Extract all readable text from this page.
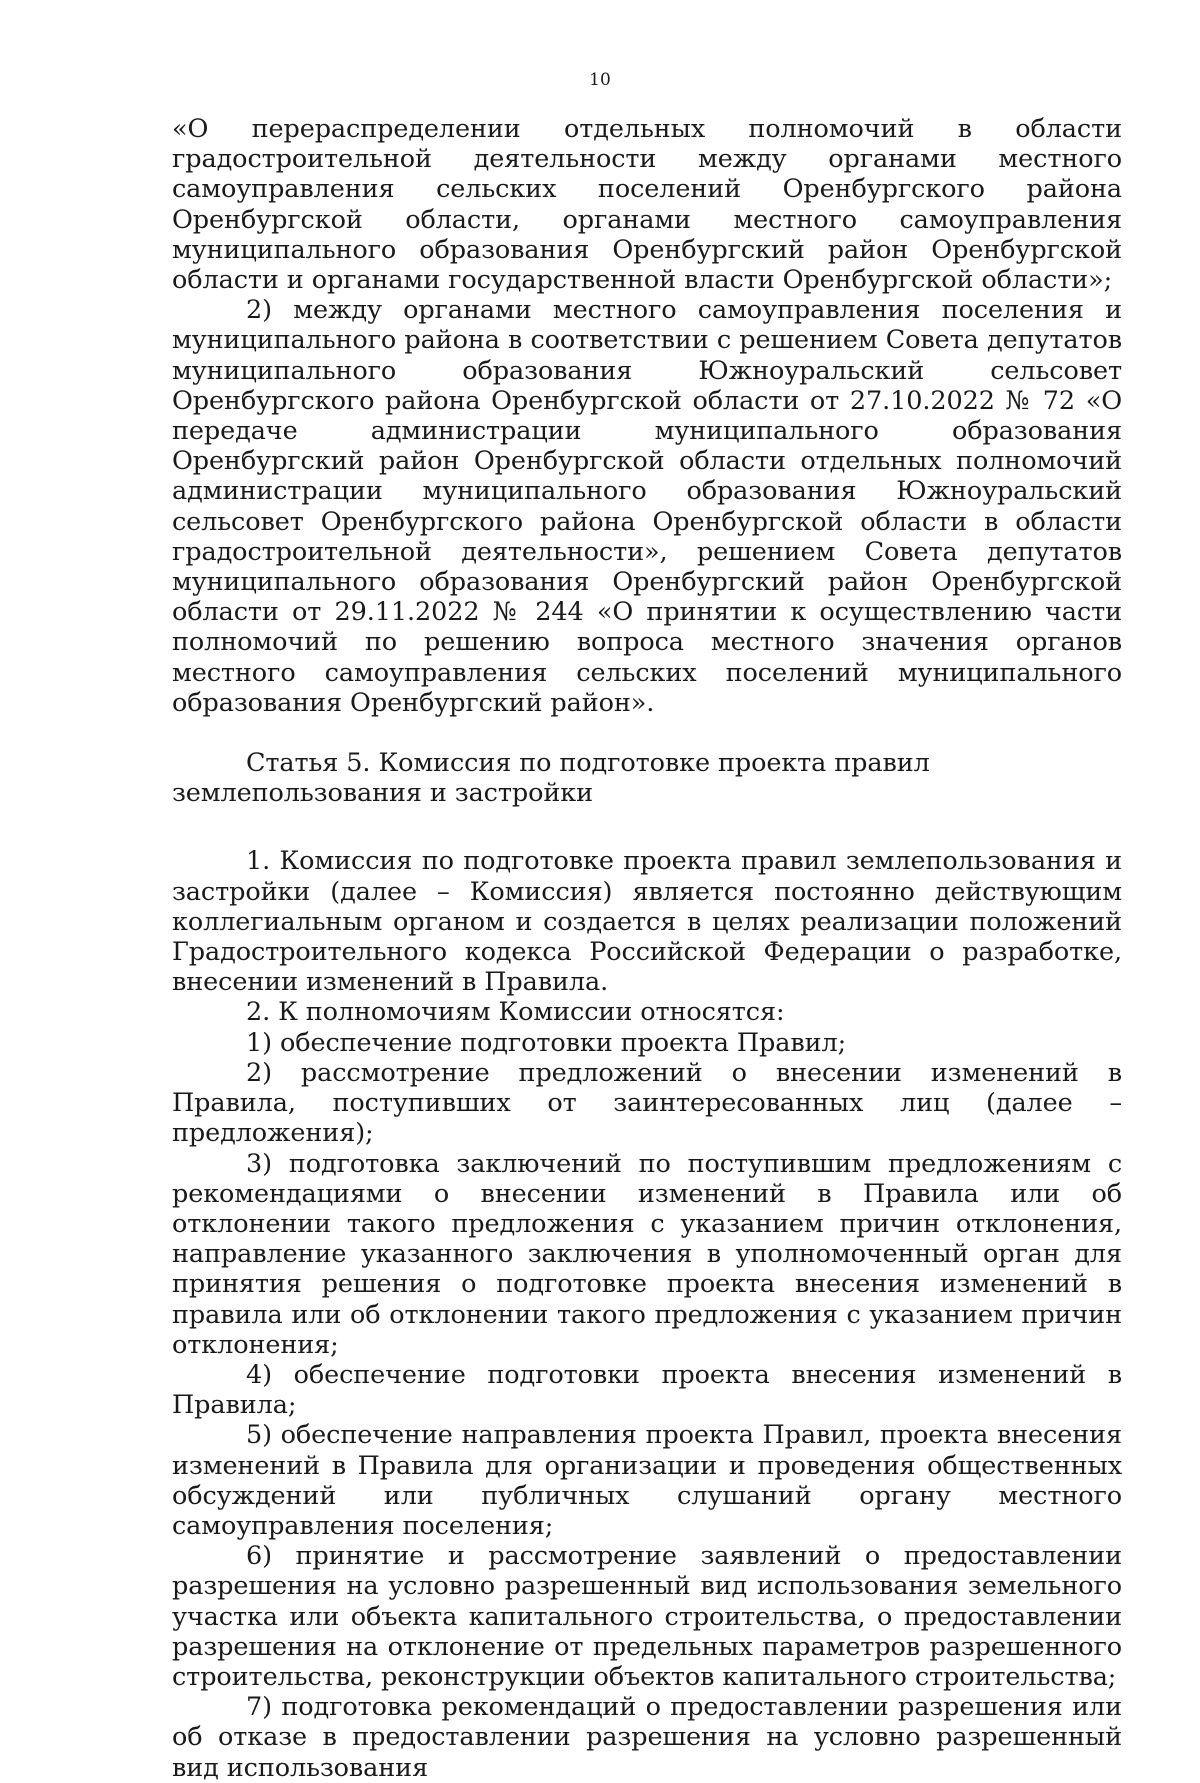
10

«О перераспределении отдельных полномочий в области градостроительной деятельности между органами местного самоуправления сельских поселений Оренбургского района Оренбургской области, органами местного самоуправления муниципального образования Оренбургский район Оренбургской области и органами государственной власти Оренбургской области»;

2) между органами местного самоуправления поселения и муниципального района в соответствии с решением Совета депутатов муниципального образования Южноуральский сельсовет Оренбургского района Оренбургской области от 27.10.2022 № 72 «О передаче администрации муниципального образования Оренбургский район Оренбургской области отдельных полномочий администрации муниципального образования Южноуральский сельсовет Оренбургского района Оренбургской области в области градостроительной деятельности», решением Совета депутатов муниципального образования Оренбургский район Оренбургской области от 29.11.2022 № 244 «О принятии к осуществлению части полномочий по решению вопроса местного значения органов местного самоуправления сельских поселений муниципального образования Оренбургский район».

Статья 5. Комиссия по подготовке проекта правил землепользования и застройки

1. Комиссия по подготовке проекта правил землепользования и застройки (далее – Комиссия) является постоянно действующим коллегиальным органом и создается в целях реализации положений Градостроительного кодекса Российской Федерации о разработке, внесении изменений в Правила.

2. К полномочиям Комиссии относятся:

1) обеспечение подготовки проекта Правил;

2) рассмотрение предложений о внесении изменений в Правила, поступивших от заинтересованных лиц (далее – предложения);

3) подготовка заключений по поступившим предложениям с рекомендациями о внесении изменений в Правила или об отклонении такого предложения с указанием причин отклонения, направление указанного заключения в уполномоченный орган для принятия решения о подготовке проекта внесения изменений в правила или об отклонении такого предложения с указанием причин отклонения;

4) обеспечение подготовки проекта внесения изменений в Правила;

5) обеспечение направления проекта Правил, проекта внесения изменений в Правила для организации и проведения общественных обсуждений или публичных слушаний органу местного самоуправления поселения;

6) принятие и рассмотрение заявлений о предоставлении разрешения на условно разрешенный вид использования земельного участка или объекта капитального строительства, о предоставлении разрешения на отклонение от предельных параметров разрешенного строительства, реконструкции объектов капитального строительства;

7) подготовка рекомендаций о предоставлении разрешения или об отказе в предоставлении разрешения на условно разрешенный вид использования
